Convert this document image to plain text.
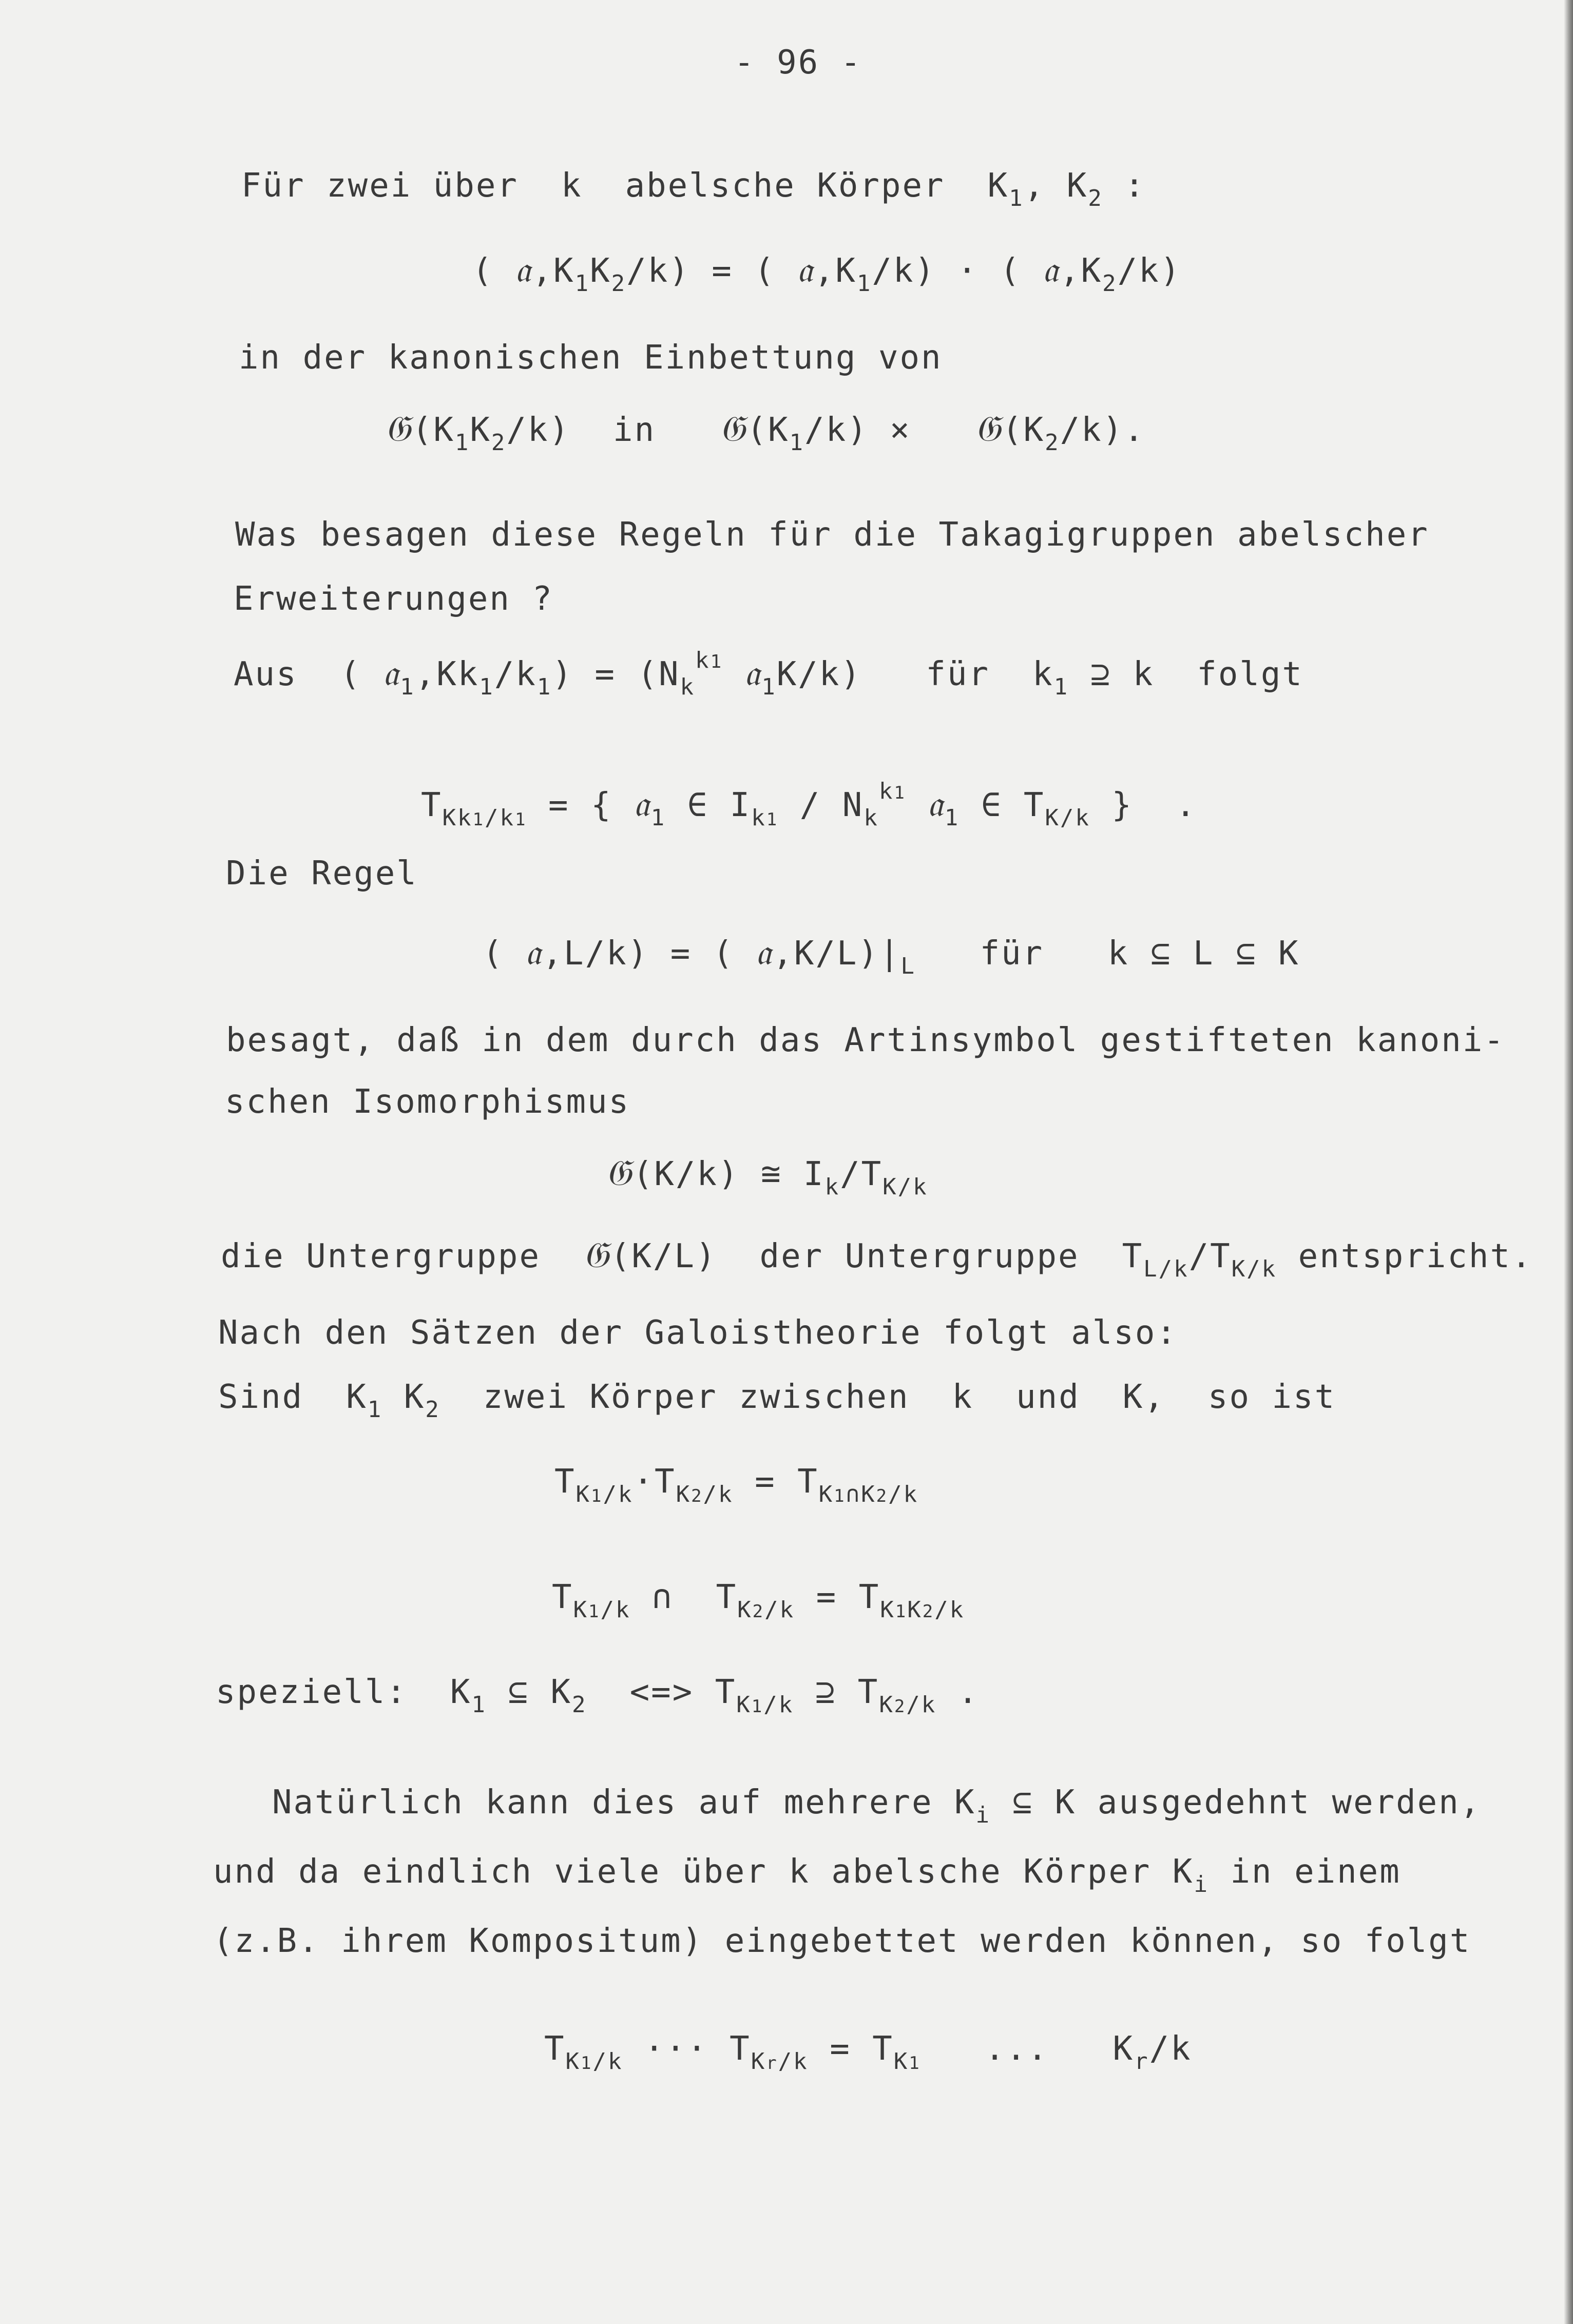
- 96 -
Für zwei über  k  abelsche Körper  $K_1$, $K_2$ :
( $𝔞,K_1K_2/k$) = ( $𝔞,K_1/k$) · ( $𝔞,K_2/k$)
in der kanonischen Einbettung von
$𝔊(K_1K_2/k)$  in   $𝔊(K_1/k)$ ×   $𝔊(K_2/k)$.
Was besagen diese Regeln für die Takagigruppen abelscher
Erweiterungen ?
Aus  ( $𝔞_1,Kk_1/k_1) = (N_k^{k1}$ 𝔞$_1$K/k)   für  $k_1$ ⊇ k  folgt
$T_{Kk1/k1}$ = { 𝔞$_1$ ∈ $I_{k1} / N_k^{k1}$ 𝔞$_1$ ∈ $T_{K/k}$ }  .
Die Regel
( 𝔞,L/k) = ( $𝔞,K/L)|_L$   für   k ⊆ L ⊆ K
besagt, daß in dem durch das Artinsymbol gestifteten kanoni-
schen Isomorphismus
𝔊(K/k) ≅ $I_k/T_{K/k}$
die Untergruppe  𝔊(K/L)  der Untergruppe  $T_{L/k}/T_{K/k}$ entspricht.
Nach den Sätzen der Galoistheorie folgt also:
Sind  $K_1$ $K_2$  zwei Körper zwischen  k  und  K,  so ist
$T_{K1/k}\cdot T_{K2/k} = T_{K1\cap K2/k}$
$T_{K1/k}$ ∩  $T_{K2/k} = T_{K1K2/k}$
speziell:  $K_1$ ⊆ $K_2$  <=> $T_{K1/k}$ ⊇ $T_{K2/k}$ .
Natürlich kann dies auf mehrere $K_i$ ⊆ K ausgedehnt werden,
und da eindlich viele über k abelsche Körper $K_i$ in einem
(z.B. ihrem Kompositum) eingebettet werden können, so folgt
$T_{K1/k}$ ··· $T_{Kr/k} = T_{K1}$   ...   $K_r/k$
